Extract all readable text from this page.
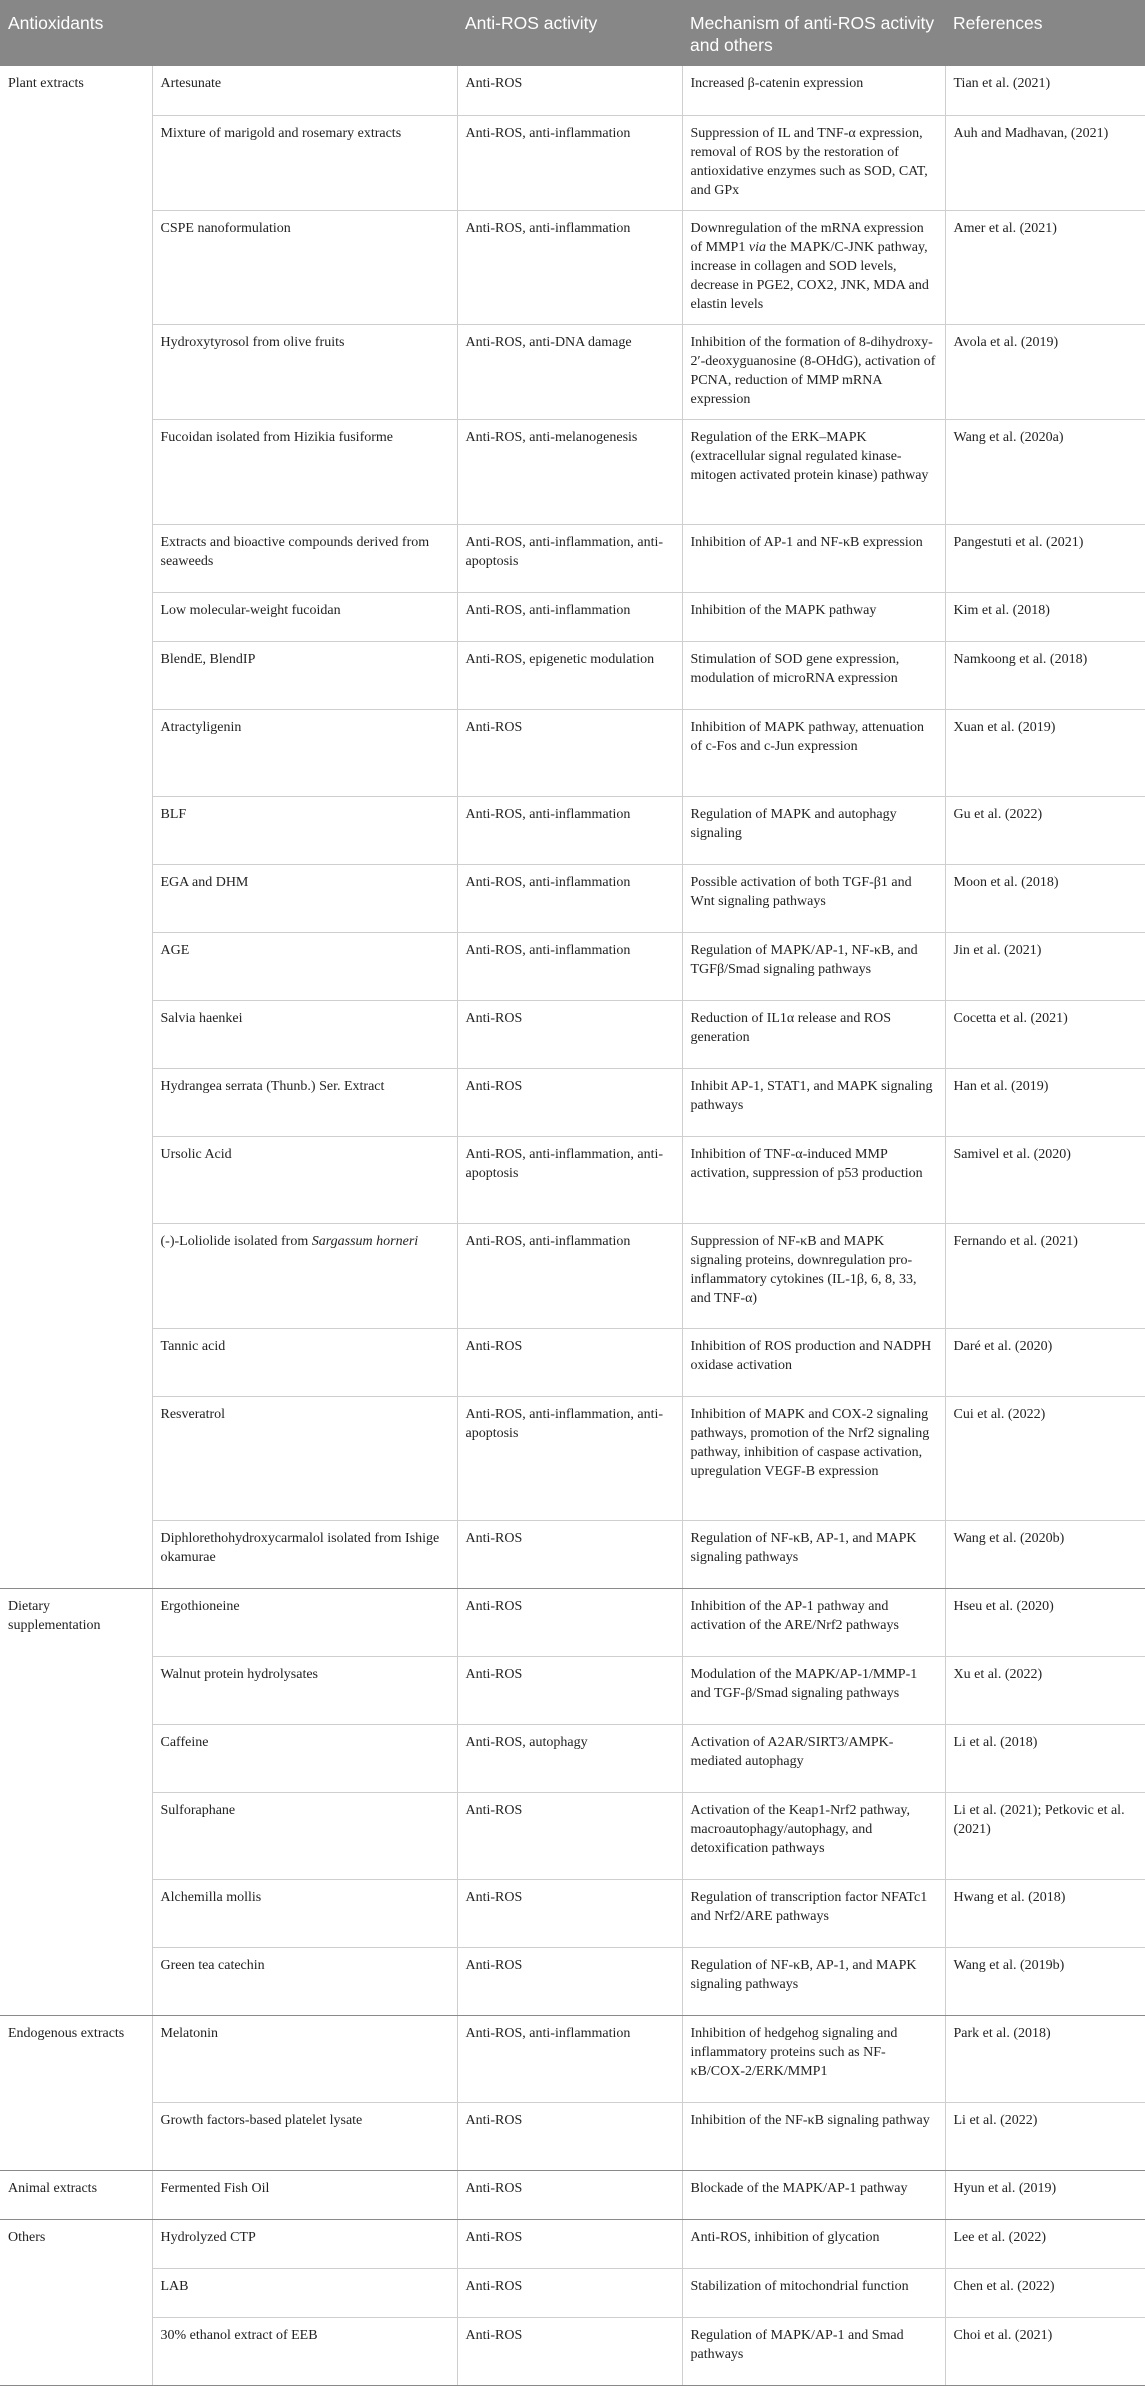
Antioxidants		Anti-ROS activity	Mechanism of anti-ROS activity and others	References
Plant extracts	Artesunate	Anti-ROS	Increased β-catenin expression	Tian et al. (2021)
	Mixture of marigold and rosemary extracts	Anti-ROS, anti-inflammation	Suppression of IL and TNF-α expression, removal of ROS by the restoration of antioxidative enzymes such as SOD, CAT, and GPx	Auh and Madhavan, (2021)
	CSPE nanoformulation	Anti-ROS, anti-inflammation	Downregulation of the mRNA expression of MMP1 via the MAPK/C-JNK pathway, increase in collagen and SOD levels, decrease in PGE2, COX2, JNK, MDA and elastin levels	Amer et al. (2021)
	Hydroxytyrosol from olive fruits	Anti-ROS, anti-DNA damage	Inhibition of the formation of 8-dihydroxy-2′-deoxyguanosine (8-OHdG), activation of PCNA, reduction of MMP mRNA expression	Avola et al. (2019)
	Fucoidan isolated from Hizikia fusiforme	Anti-ROS, anti-melanogenesis	Regulation of the ERK–MAPK (extracellular signal regulated kinase-mitogen activated protein kinase) pathway	Wang et al. (2020a)
	Extracts and bioactive compounds derived from seaweeds	Anti-ROS, anti-inflammation, anti-apoptosis	Inhibition of AP-1 and NF-κB expression	Pangestuti et al. (2021)
	Low molecular-weight fucoidan	Anti-ROS, anti-inflammation	Inhibition of the MAPK pathway	Kim et al. (2018)
	BlendE, BlendIP	Anti-ROS, epigenetic modulation	Stimulation of SOD gene expression, modulation of microRNA expression	Namkoong et al. (2018)
	Atractyligenin	Anti-ROS	Inhibition of MAPK pathway, attenuation of c-Fos and c-Jun expression	Xuan et al. (2019)
	BLF	Anti-ROS, anti-inflammation	Regulation of MAPK and autophagy signaling	Gu et al. (2022)
	EGA and DHM	Anti-ROS, anti-inflammation	Possible activation of both TGF-β1 and Wnt signaling pathways	Moon et al. (2018)
	AGE	Anti-ROS, anti-inflammation	Regulation of MAPK/AP-1, NF-κB, and TGFβ/Smad signaling pathways	Jin et al. (2021)
	Salvia haenkei	Anti-ROS	Reduction of IL1α release and ROS generation	Cocetta et al. (2021)
	Hydrangea serrata (Thunb.) Ser. Extract	Anti-ROS	Inhibit AP-1, STAT1, and MAPK signaling pathways	Han et al. (2019)
	Ursolic Acid	Anti-ROS, anti-inflammation, anti-apoptosis	Inhibition of TNF-α-induced MMP activation, suppression of p53 production	Samivel et al. (2020)
	(-)-Loliolide isolated from Sargassum horneri	Anti-ROS, anti-inflammation	Suppression of NF-κB and MAPK signaling proteins, downregulation pro-inflammatory cytokines (IL-1β, 6, 8, 33, and TNF-α)	Fernando et al. (2021)
	Tannic acid	Anti-ROS	Inhibition of ROS production and NADPH oxidase activation	Daré et al. (2020)
	Resveratrol	Anti-ROS, anti-inflammation, anti-apoptosis	Inhibition of MAPK and COX-2 signaling pathways, promotion of the Nrf2 signaling pathway, inhibition of caspase activation, upregulation VEGF-B expression	Cui et al. (2022)
	Diphlorethohydroxycarmalol isolated from Ishige okamurae	Anti-ROS	Regulation of NF-κB, AP-1, and MAPK signaling pathways	Wang et al. (2020b)
Dietary supplementation	Ergothioneine	Anti-ROS	Inhibition of the AP-1 pathway and activation of the ARE/Nrf2 pathways	Hseu et al. (2020)
	Walnut protein hydrolysates	Anti-ROS	Modulation of the MAPK/AP-1/MMP-1 and TGF-β/Smad signaling pathways	Xu et al. (2022)
	Caffeine	Anti-ROS, autophagy	Activation of A2AR/SIRT3/AMPK-mediated autophagy	Li et al. (2018)
	Sulforaphane	Anti-ROS	Activation of the Keap1-Nrf2 pathway, macroautophagy/autophagy, and detoxification pathways	Li et al. (2021); Petkovic et al. (2021)
	Alchemilla mollis	Anti-ROS	Regulation of transcription factor NFATc1 and Nrf2/ARE pathways	Hwang et al. (2018)
	Green tea catechin	Anti-ROS	Regulation of NF-κB, AP-1, and MAPK signaling pathways	Wang et al. (2019b)
Endogenous extracts	Melatonin	Anti-ROS, anti-inflammation	Inhibition of hedgehog signaling and inflammatory proteins such as NF-κB/COX-2/ERK/MMP1	Park et al. (2018)
	Growth factors-based platelet lysate	Anti-ROS	Inhibition of the NF-κB signaling pathway	Li et al. (2022)
Animal extracts	Fermented Fish Oil	Anti-ROS	Blockade of the MAPK/AP-1 pathway	Hyun et al. (2019)
Others	Hydrolyzed CTP	Anti-ROS	Anti-ROS, inhibition of glycation	Lee et al. (2022)
	LAB	Anti-ROS	Stabilization of mitochondrial function	Chen et al. (2022)
	30% ethanol extract of EEB	Anti-ROS	Regulation of MAPK/AP-1 and Smad pathways	Choi et al. (2021)
